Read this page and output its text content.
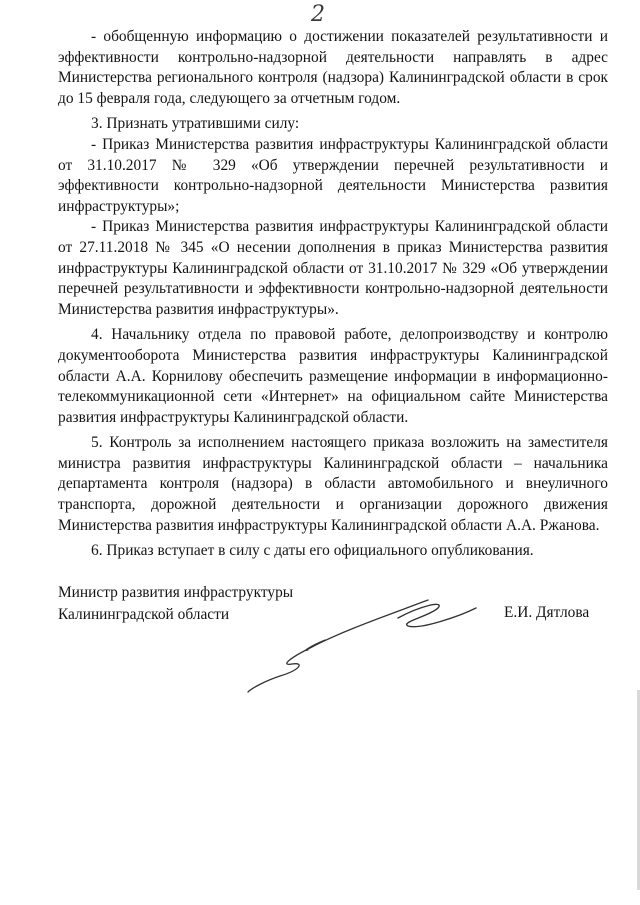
2

- обобщенную информацию о достижении показателей результативности и эффективности контрольно-надзорной деятельности направлять в адрес Министерства регионального контроля (надзора) Калининградской области в срок до 15 февраля года, следующего за отчетным годом.

3. Признать утратившими силу:

- Приказ Министерства развития инфраструктуры Калининградской области от 31.10.2017 № 329 «Об утверждении перечней результативности и эффективности контрольно-надзорной деятельности Министерства развития инфраструктуры»;

- Приказ Министерства развития инфраструктуры Калининградской области от 27.11.2018 № 345 «О несении дополнения в приказ Министерства развития инфраструктуры Калининградской области от 31.10.2017 № 329 «Об утверждении перечней результативности и эффективности контрольно-надзорной деятельности Министерства развития инфраструктуры».

4. Начальнику отдела по правовой работе, делопроизводству и контролю документооборота Министерства развития инфраструктуры Калининградской области А.А. Корнилову обеспечить размещение информации в информационно-телекоммуникационной сети «Интернет» на официальном сайте Министерства развития инфраструктуры Калининградской области.

5. Контроль за исполнением настоящего приказа возложить на заместителя министра развития инфраструктуры Калининградской области – начальника департамента контроля (надзора) в области автомобильного и внеуличного транспорта, дорожной деятельности и организации дорожного движения Министерства развития инфраструктуры Калининградской области А.А. Ржанова.

6. Приказ вступает в силу с даты его официального опубликования.

Министр развития инфраструктуры
Калининградской области	Е.И. Дятлова
